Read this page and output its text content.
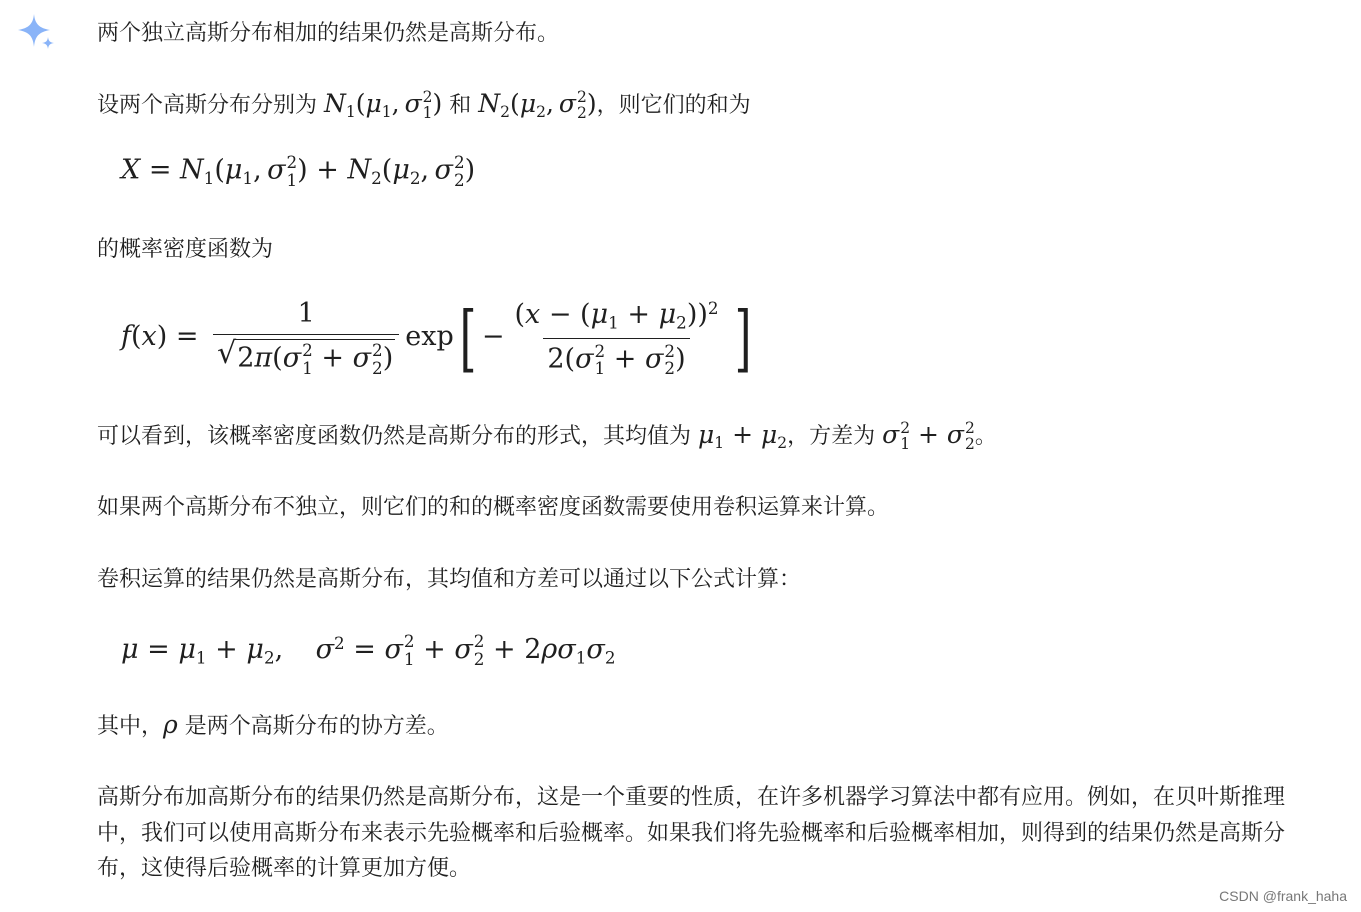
两个独立高斯分布相加的结果仍然是高斯分布。
设两个高斯分布分别为 $N_1(\mu_1$, σ 2
1 ) 和 $N_2(\mu_2$, σ 2
2 )，则它们的和为
$X = N_1(\mu_1$, σ 2
1 ) + $N_2(\mu_2$, σ 2
2 )
的概率密度函数为
f(x) = 1
√ 2π(σ 2
1 + σ 2
2 ) $\exp[ - (x - (\mu_1 + \mu_2))^2$
2(σ 2
1 + σ 2
2 ) ]
可以看到，该概率密度函数仍然是高斯分布的形式，其均值为 $\mu_1 + \mu_2$，方差为 σ 2
1 + σ 2
2 。
如果两个高斯分布不独立，则它们的和的概率密度函数需要使用卷积运算来计算。
卷积运算的结果仍然是高斯分布，其均值和方差可以通过以下公式计算：
$\mu = \mu_1 + \mu_2$,  $\sigma^2 = \sigma$ 2
1 + σ 2
$2 + 2\rho\sigma_1\sigma_2$
其中，ρ 是两个高斯分布的协方差。
高斯分布加高斯分布的结果仍然是高斯分布，这是一个重要的性质，在许多机器学习算法中都有应用。例如，在贝叶斯推理中，我们可以使用高斯分布来表示先验概率和后验概率。如果我们将先验概率和后验概率相加，则得到的结果仍然是高斯分布，这使得后验概率的计算更加方便。
CSDN @frank_haha
